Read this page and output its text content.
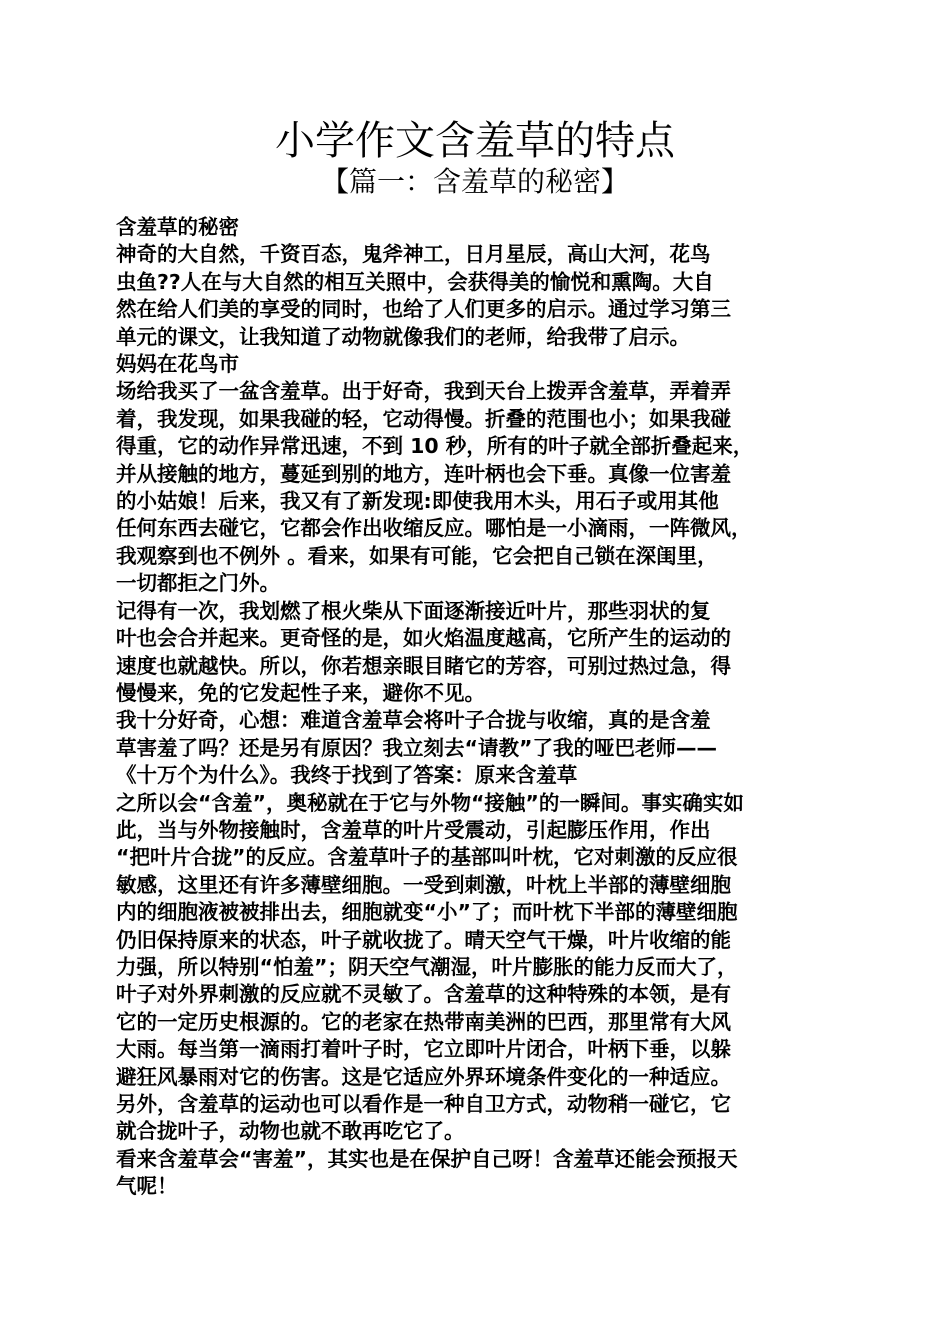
小学作文含羞草的特点
【篇一：含羞草的秘密】
含羞草的秘密
神奇的大自然，千资百态，鬼斧神工，日月星辰，高山大河，花鸟
虫鱼??人在与大自然的相互关照中，会获得美的愉悦和熏陶。大自
然在给人们美的享受的同时，也给了人们更多的启示。通过学习第三
单元的课文，让我知道了动物就像我们的老师，给我带了启示。
妈妈在花鸟市
场给我买了一盆含羞草。出于好奇，我到天台上拨弄含羞草，弄着弄
着，我发现，如果我碰的轻，它动得慢。折叠的范围也小；如果我碰
得重，它的动作异常迅速，不到 10 秒，所有的叶子就全部折叠起来，
并从接触的地方，蔓延到别的地方，连叶柄也会下垂。真像一位害羞
的小姑娘！后来，我又有了新发现:即使我用木头，用石子或用其他
任何东西去碰它，它都会作出收缩反应。哪怕是一小滴雨，一阵微风，
我观察到也不例外 。看来，如果有可能，它会把自己锁在深闺里，
一切都拒之门外。
记得有一次，我划燃了根火柴从下面逐渐接近叶片，那些羽状的复
叶也会合并起来。更奇怪的是，如火焰温度越高，它所产生的运动的
速度也就越快。所以，你若想亲眼目睹它的芳容，可别过热过急，得
慢慢来，免的它发起性子来，避你不见。
我十分好奇，心想：难道含羞草会将叶子合拢与收缩，真的是含羞
草害羞了吗？还是另有原因？我立刻去“请教”了我的哑巴老师——
《十万个为什么》。我终于找到了答案：原来含羞草
之所以会“含羞”，奥秘就在于它与外物“接触”的一瞬间。事实确实如
此，当与外物接触时，含羞草的叶片受震动，引起膨压作用，作出
“把叶片合拢”的反应。含羞草叶子的基部叫叶枕，它对刺激的反应很
敏感，这里还有许多薄壁细胞。一受到刺激，叶枕上半部的薄壁细胞
内的细胞液被被排出去，细胞就变“小”了；而叶枕下半部的薄壁细胞
仍旧保持原来的状态，叶子就收拢了。晴天空气干燥，叶片收缩的能
力强，所以特别“怕羞”；阴天空气潮湿，叶片膨胀的能力反而大了，
叶子对外界刺激的反应就不灵敏了。含羞草的这种特殊的本领，是有
它的一定历史根源的。它的老家在热带南美洲的巴西，那里常有大风
大雨。每当第一滴雨打着叶子时，它立即叶片闭合，叶柄下垂，以躲
避狂风暴雨对它的伤害。这是它适应外界环境条件变化的一种适应。
另外，含羞草的运动也可以看作是一种自卫方式，动物稍一碰它，它
就合拢叶子，动物也就不敢再吃它了。
看来含羞草会“害羞”，其实也是在保护自己呀！含羞草还能会预报天
气呢！
